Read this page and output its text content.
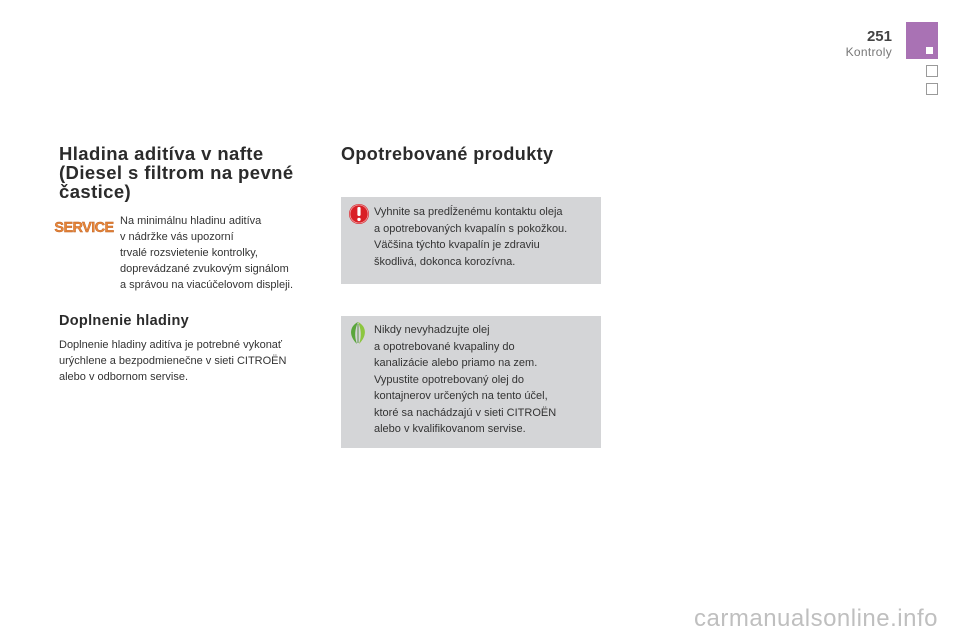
251
Kontroly
Hladina aditíva v nafte
(Diesel s filtrom na pevné
častice)
SERVICE Na minimálnu hladinu aditíva
v nádržke vás upozorní
trvalé rozsvietenie kontrolky,
doprevádzané zvukovým signálom
a správou na viacúčelovom displeji.

Doplnenie hladiny

Doplnenie hladiny aditíva je potrebné vykonať
urýchlene a bezpodmienečne v sieti CITROËN
alebo v odbornom servise.

Opotrebované produkty

Vyhnite sa predĺženému kontaktu oleja
a opotrebovaných kvapalín s pokožkou.
Väčšina týchto kvapalín je zdraviu
škodlivá, dokonca korozívna.

Nikdy nevyhadzujte olej
a opotrebované kvapaliny do
kanalizácie alebo priamo na zem.
Vypustite opotrebovaný olej do
kontajnerov určených na tento účel,
ktoré sa nachádzajú v sieti CITROËN
alebo v kvalifikovanom servise.

carmanualsonline.info
